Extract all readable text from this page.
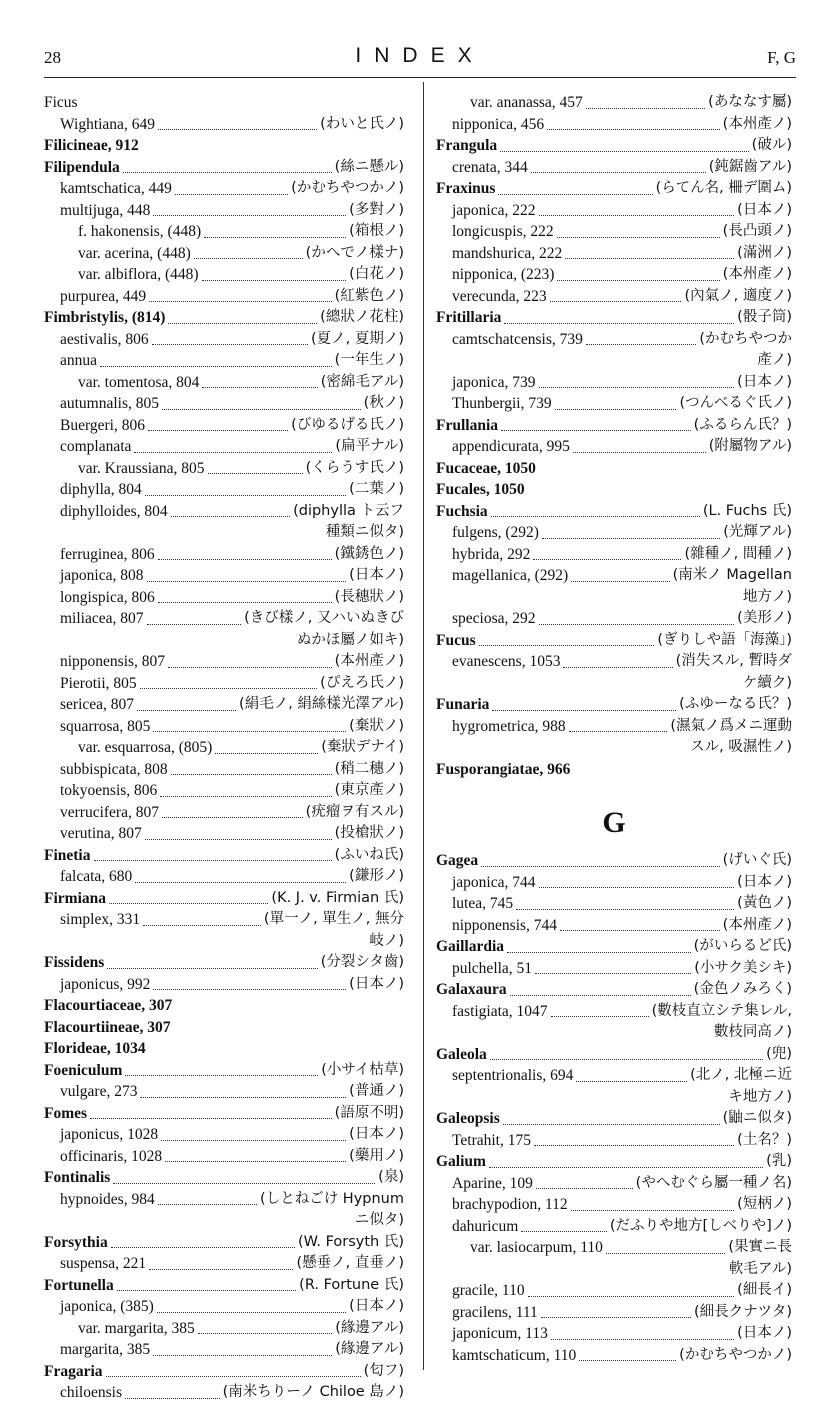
28	INDEX	F, G
Ficus
Wightiana, 649	(わいと氏ノ)
Filicineae, 912
Filipendula	(絲ニ懸ル)
kamtschatica, 449	(かむちやつかノ)
multijuga, 448	(多對ノ)
f. hakonensis, (448)	(箱根ノ)
var. acerina, (448)	(かへでノ樣ナ)
var. albiflora, (448)	(白花ノ)
purpurea, 449	(紅紫色ノ)
Fimbristylis, (814)	(總狀ノ花柱)
aestivalis, 806	(夏ノ, 夏期ノ)
annua	(一年生ノ)
var. tomentosa, 804	(密綿毛アル)
autumnalis, 805	(秋ノ)
Buergeri, 806	(びゆるげる氏ノ)
complanata	(扁平ナル)
var. Kraussiana, 805	(くらうす氏ノ)
diphylla, 804	(二葉ノ)
diphylloides, 804	(diphylla ト云フ
種類ニ似タ)
ferruginea, 806	(鐵銹色ノ)
japonica, 808	(日本ノ)
longispica, 806	(長穗狀ノ)
miliacea, 807	(きび樣ノ, 又ハいぬきび
ぬかほ屬ノ如キ)
nipponensis, 807	(本州產ノ)
Pierotii, 805	(ぴえろ氏ノ)
sericea, 807	(絹毛ノ, 絹絲樣光澤アル)
squarrosa, 805	(棄狀ノ)
var. esquarrosa, (805)	(棄狀デナイ)
subbispicata, 808	(稍二穗ノ)
tokyoensis, 806	(東京產ノ)
verrucifera, 807	(疣瘤ヲ有スル)
verutina, 807	(投槍狀ノ)
Finetia	(ふいね氏)
falcata, 680	(鎌形ノ)
Firmiana	(K. J. v. Firmian 氏)
simplex, 331	(單一ノ, 單生ノ, 無分
岐ノ)
Fissidens	(分裂シタ齒)
japonicus, 992	(日本ノ)
Flacourtiaceae, 307
Flacourtiineae, 307
Florideae, 1034
Foeniculum	(小サイ枯草)
vulgare, 273	(普通ノ)
Fomes	(語原不明)
japonicus, 1028	(日本ノ)
officinaris, 1028	(藥用ノ)
Fontinalis	(泉)
hypnoides, 984	(しとねごけ Hypnum
ニ似タ)
Forsythia	(W. Forsyth 氏)
suspensa, 221	(懸垂ノ, 直垂ノ)
Fortunella	(R. Fortune 氏)
japonica, (385)	(日本ノ)
var. margarita, 385	(緣邊アル)
margarita, 385	(緣邊アル)
Fragaria	(匂フ)
chiloensis	(南米ちりーノ Chiloe 島ノ)
var. ananassa, 457	(あななす屬)
nipponica, 456	(本州產ノ)
Frangula	(破ル)
crenata, 344	(鈍鋸齒アル)
Fraxinus	(らてん名, 柵デ圍ム)
japonica, 222	(日本ノ)
longicuspis, 222	(長凸頭ノ)
mandshurica, 222	(滿洲ノ)
nipponica, (223)	(本州產ノ)
verecunda, 223	(內氣ノ, 適度ノ)
Fritillaria	(骰子筒)
camtschatcensis, 739	(かむちやつか
產ノ)
japonica, 739	(日本ノ)
Thunbergii, 739	(つんべるぐ氏ノ)
Frullania	(ふるらん氏？)
appendicurata, 995	(附屬物アル)
Fucaceae, 1050
Fucales, 1050
Fuchsia	(L. Fuchs 氏)
fulgens, (292)	(光輝アル)
hybrida, 292	(雜種ノ, 間種ノ)
magellanica, (292)	(南米ノ Magellan
地方ノ)
speciosa, 292	(美形ノ)
Fucus	(ぎりしや語「海藻」)
evanescens, 1053	(消失スル, 暫時ダ
ケ續ク)
Funaria	(ふゆーなる氏？)
hygrometrica, 988	(濕氣ノ爲メニ運動
スル, 吸濕性ノ)
Fusporangiatae, 966
G
Gagea	(げいぐ氏)
japonica, 744	(日本ノ)
lutea, 745	(黃色ノ)
nipponensis, 744	(本州產ノ)
Gaillardia	(がいらるど氏)
pulchella, 51	(小サク美シキ)
Galaxaura	(金色ノみろく)
fastigiata, 1047	(數枝直立シテ集レル,
數枝同高ノ)
Galeola	(兜)
septentrionalis, 694	(北ノ, 北極ニ近
キ地方ノ)
Galeopsis	(鼬ニ似タ)
Tetrahit, 175	(土名？)
Galium	(乳)
Aparine, 109	(やへむぐら屬一種ノ名)
brachypodion, 112	(短柄ノ)
dahuricum	(だふりや地方[しべりや]ノ)
var. lasiocarpum, 110	(果實ニ長
軟毛アル)
gracile, 110	(細長イ)
gracilens, 111	(細長クナツタ)
japonicum, 113	(日本ノ)
kamtschaticum, 110	(かむちやつかノ)
